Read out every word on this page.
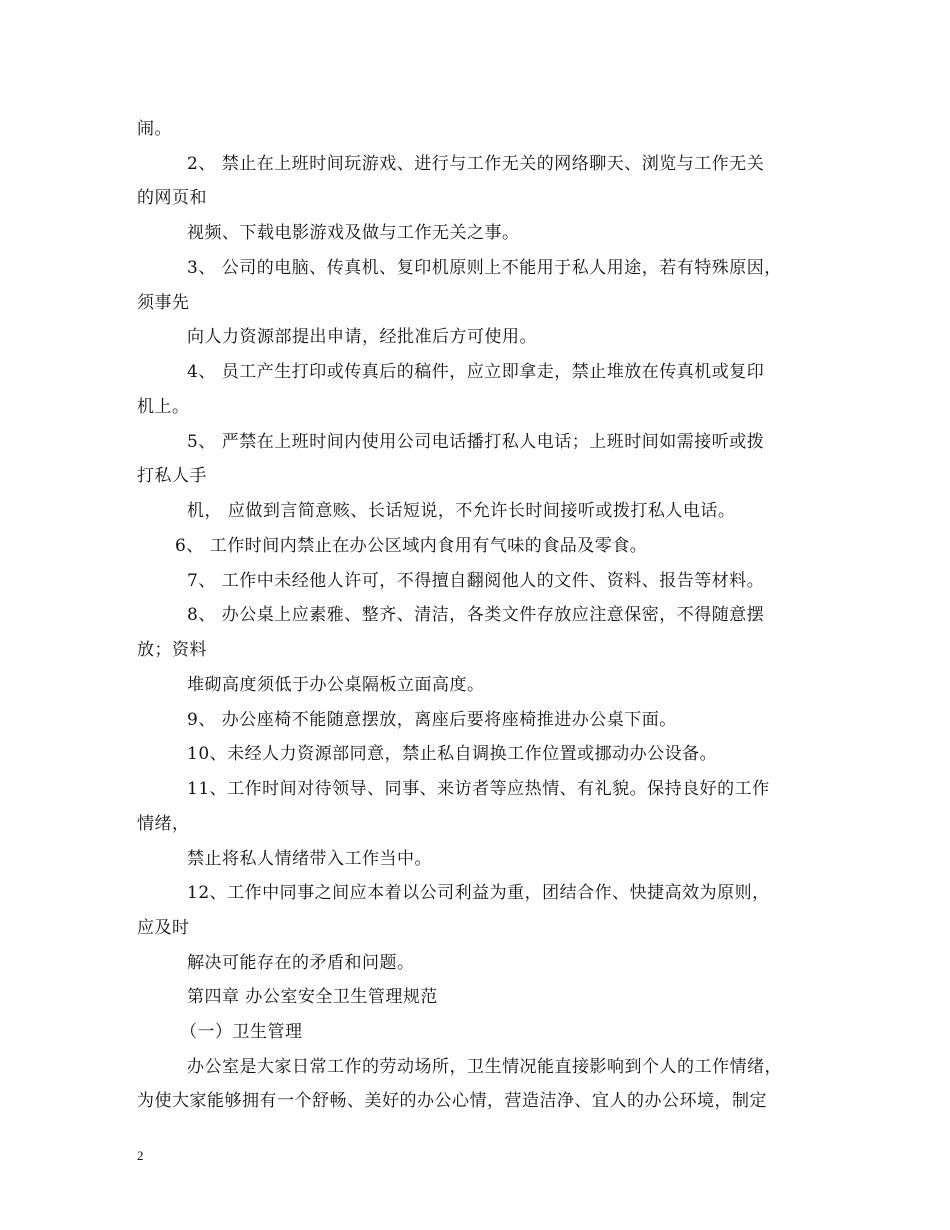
闹。
2、 禁止在上班时间玩游戏、进行与工作无关的网络聊天、浏览与工作无关
的网页和
视频、下载电影游戏及做与工作无关之事。
3、 公司的电脑、传真机、复印机原则上不能用于私人用途，若有特殊原因，
须事先
向人力资源部提出申请，经批准后方可使用。
4、 员工产生打印或传真后的稿件，应立即拿走，禁止堆放在传真机或复印
机上。
5、 严禁在上班时间内使用公司电话播打私人电话；上班时间如需接听或拨
打私人手
机， 应做到言简意赅、长话短说，不允许长时间接听或拨打私人电话。
6、 工作时间内禁止在办公区域内食用有气味的食品及零食。
7、 工作中未经他人许可，不得擅自翻阅他人的文件、资料、报告等材料。
8、 办公桌上应素雅、整齐、清洁，各类文件存放应注意保密，不得随意摆
放；资料
堆砌高度须低于办公桌隔板立面高度。
9、 办公座椅不能随意摆放，离座后要将座椅推进办公桌下面。
10、未经人力资源部同意，禁止私自调换工作位置或挪动办公设备。
11、工作时间对待领导、同事、来访者等应热情、有礼貌。保持良好的工作
情绪，
禁止将私人情绪带入工作当中。
12、工作中同事之间应本着以公司利益为重，团结合作、快捷高效为原则，
应及时
解决可能存在的矛盾和问题。
第四章 办公室安全卫生管理规范
（一）卫生管理
办公室是大家日常工作的劳动场所，卫生情况能直接影响到个人的工作情绪，
为使大家能够拥有一个舒畅、美好的办公心情，营造洁净、宜人的办公环境，制定
2
